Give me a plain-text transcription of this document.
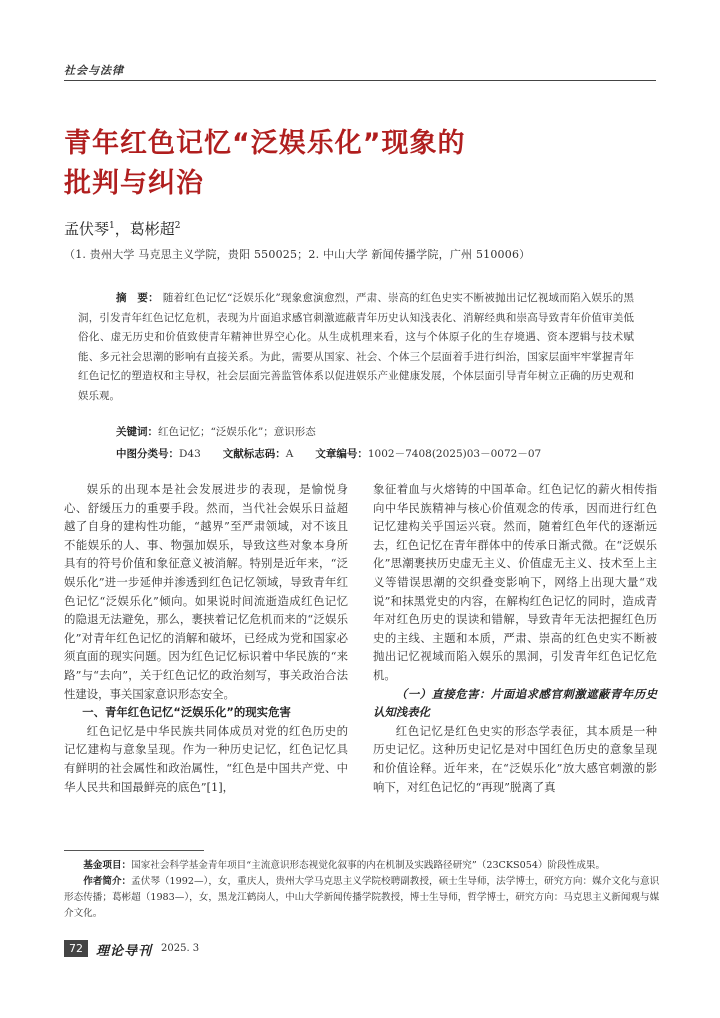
社会与法律
青年红色记忆“泛娱乐化”现象的
批判与纠治
孟伏琴$^1$，葛彬超$^2$
（1. 贵州大学 马克思主义学院，贵阳 550025；2. 中山大学 新闻传播学院，广州 510006）
摘　要： 随着红色记忆“泛娱乐化”现象愈演愈烈，严肃、崇高的红色史实不断被抛出记忆视域而陷入娱乐的黑洞，引发青年红色记忆危机，表现为片面追求感官刺激遮蔽青年历史认知浅表化、消解经典和崇高导致青年价值审美低俗化、虚无历史和价值致使青年精神世界空心化。从生成机理来看，这与个体原子化的生存境遇、资本逻辑与技术赋能、多元社会思潮的影响有直接关系。为此，需要从国家、社会、个体三个层面着手进行纠治，国家层面牢牢掌握青年红色记忆的塑造权和主导权，社会层面完善监管体系以促进娱乐产业健康发展，个体层面引导青年树立正确的历史观和娱乐观。
关键词：红色记忆；“泛娱乐化”；意识形态
中图分类号：D43 文献标志码：A 文章编号：1002－7408(2025)03－0072－07

娱乐的出现本是社会发展进步的表现，是愉悦身心、舒缓压力的重要手段。然而，当代社会娱乐日益超越了自身的建构性功能，“越界”至严肃领域，对不该且不能娱乐的人、事、物强加娱乐，导致这些对象本身所具有的符号价值和象征意义被消解。特别是近年来，“泛娱乐化”进一步延伸并渗透到红色记忆领域，导致青年红色记忆“泛娱乐化”倾向。如果说时间流逝造成红色记忆的隐退无法避免，那么，裹挟着记忆危机而来的“泛娱乐化”对青年红色记忆的消解和破坏，已经成为党和国家必须直面的现实问题。因为红色记忆标识着中华民族的“来路”与“去向”，关于红色记忆的政治刻写，事关政治合法性建设，事关国家意识形态安全。

一、青年红色记忆“泛娱乐化”的现实危害

红色记忆是中华民族共同体成员对党的红色历史的记忆建构与意象呈现。作为一种历史记忆，红色记忆具有鲜明的社会属性和政治属性，“红色是中国共产党、中华人民共和国最鲜亮的底色”[1]，

象征着血与火熔铸的中国革命。红色记忆的薪火相传指向中华民族精神与核心价值观念的传承，因而进行红色记忆建构关乎国运兴衰。然而，随着红色年代的逐渐远去，红色记忆在青年群体中的传承日渐式微。在“泛娱乐化”思潮裹挟历史虚无主义、价值虚无主义、技术至上主义等错误思潮的交织叠变影响下，网络上出现大量“戏说”和抹黑党史的内容，在解构红色记忆的同时，造成青年对红色历史的误读和错解，导致青年无法把握红色历史的主线、主题和本质，严肃、崇高的红色史实不断被抛出记忆视域而陷入娱乐的黑洞，引发青年红色记忆危机。

（一）直接危害：片面追求感官刺激遮蔽青年历史认知浅表化

红色记忆是红色史实的形态学表征，其本质是一种历史记忆。这种历史记忆是对中国红色历史的意象呈现和价值诠释。近年来，在“泛娱乐化”放大感官刺激的影响下，对红色记忆的“再现”脱离了真

基金项目：国家社会科学基金青年项目“主流意识形态视觉化叙事的内在机制及实践路径研究”（23CKS054）阶段性成果。

作者简介：孟伏琴（1992—），女，重庆人，贵州大学马克思主义学院校聘副教授，硕士生导师，法学博士，研究方向：媒介文化与意识形态传播；葛彬超（1983—），女，黑龙江鹤岗人，中山大学新闻传播学院教授，博士生导师，哲学博士，研究方向：马克思主义新闻观与媒介文化。

72	理论导刊 2025. 3
